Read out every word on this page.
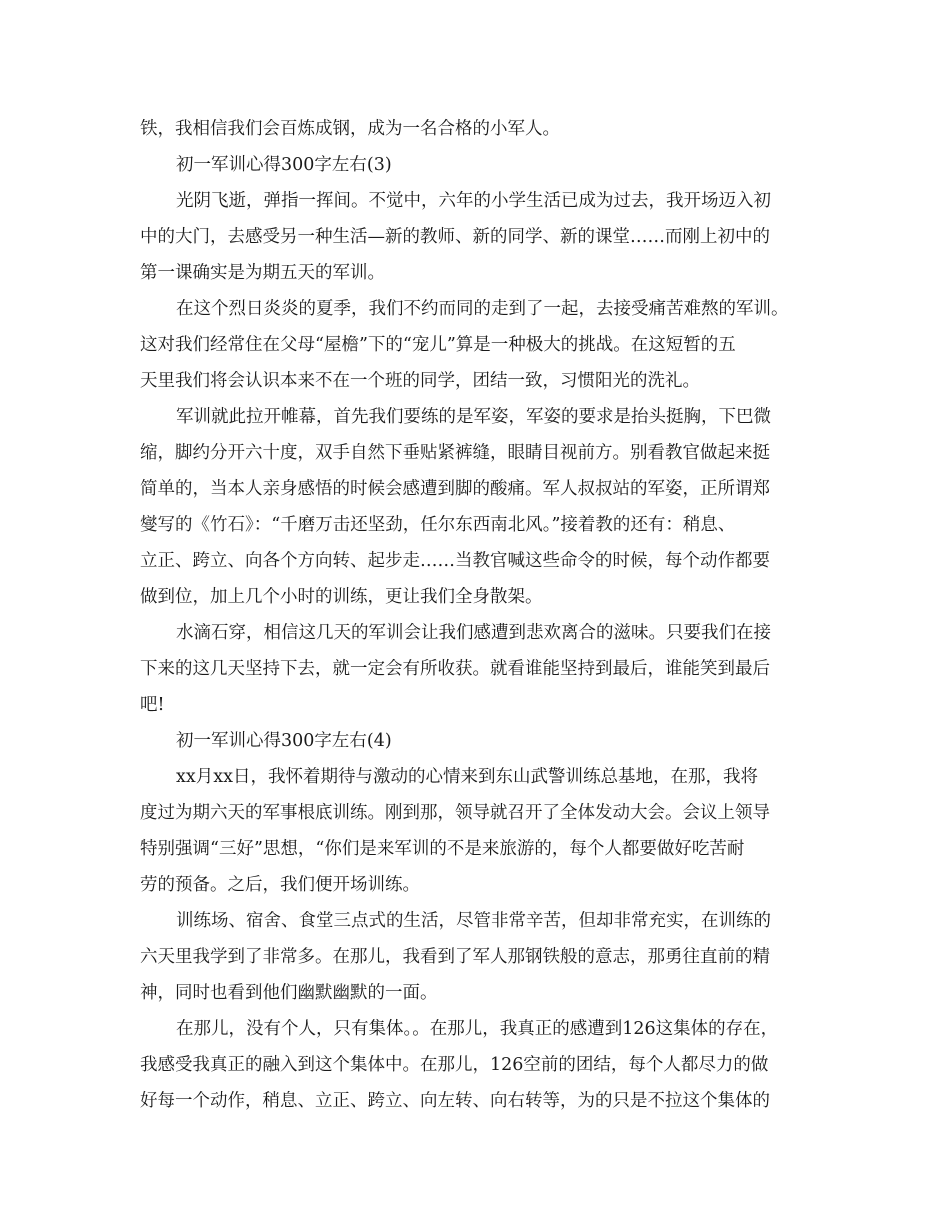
铁，我相信我们会百炼成钢，成为一名合格的小军人。
初一军训心得300字左右(3)
光阴飞逝，弹指一挥间。不觉中，六年的小学生活已成为过去，我开场迈入初
中的大门，去感受另一种生活—新的教师、新的同学、新的课堂……而刚上初中的
第一课确实是为期五天的军训。
在这个烈日炎炎的夏季，我们不约而同的走到了一起，去接受痛苦难熬的军训。
这对我们经常住在父母“屋檐”下的“宠儿”算是一种极大的挑战。在这短暂的五
天里我们将会认识本来不在一个班的同学，团结一致，习惯阳光的洗礼。
军训就此拉开帷幕，首先我们要练的是军姿，军姿的要求是抬头挺胸，下巴微
缩，脚约分开六十度，双手自然下垂贴紧裤缝，眼睛目视前方。别看教官做起来挺
简单的，当本人亲身感悟的时候会感遭到脚的酸痛。军人叔叔站的军姿，正所谓郑
燮写的《竹石》：“千磨万击还坚劲，任尔东西南北风。”接着教的还有：稍息、
立正、跨立、向各个方向转、起步走……当教官喊这些命令的时候，每个动作都要
做到位，加上几个小时的训练，更让我们全身散架。
水滴石穿，相信这几天的军训会让我们感遭到悲欢离合的滋味。只要我们在接
下来的这几天坚持下去，就一定会有所收获。就看谁能坚持到最后，谁能笑到最后
吧!
初一军训心得300字左右(4)
xx月xx日，我怀着期待与激动的心情来到东山武警训练总基地，在那，我将
度过为期六天的军事根底训练。刚到那，领导就召开了全体发动大会。会议上领导
特别强调“三好”思想，“你们是来军训的不是来旅游的，每个人都要做好吃苦耐
劳的预备。之后，我们便开场训练。
训练场、宿舍、食堂三点式的生活，尽管非常辛苦，但却非常充实，在训练的
六天里我学到了非常多。在那儿，我看到了军人那钢铁般的意志，那勇往直前的精
神，同时也看到他们幽默幽默的一面。
在那儿，没有个人，只有集体。。在那儿，我真正的感遭到126这集体的存在，
我感受我真正的融入到这个集体中。在那儿，126空前的团结，每个人都尽力的做
好每一个动作，稍息、立正、跨立、向左转、向右转等，为的只是不拉这个集体的
